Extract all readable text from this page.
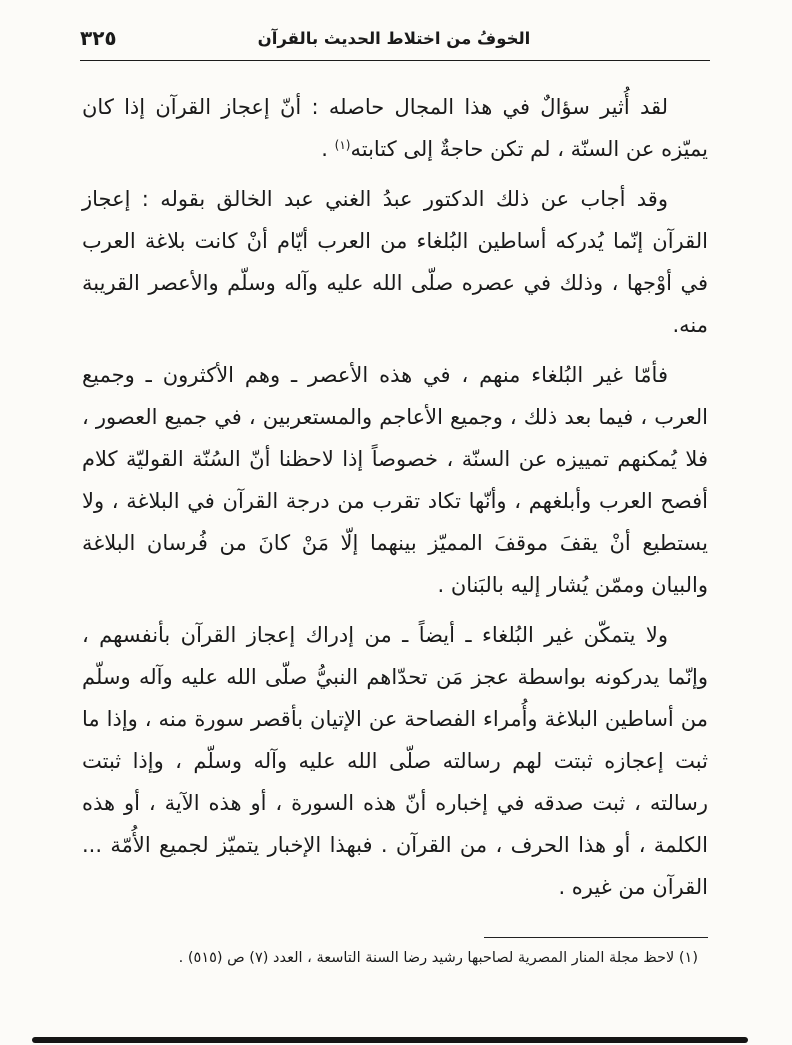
٣٢٥	الخوفُ من اختلاط الحديث بالقرآن

لقد أُثير سؤالٌ في هذا المجال حاصله : أنّ إعجاز القرآن إذا كان يميّزه عن السنّة ، لم تكن حاجةٌ إلى كتابته$^{(١)}$ .

وقد أجاب عن ذلك الدكتور عبدُ الغني عبد الخالق بقوله : إعجاز القرآن إنّما يُدركه أساطين البُلغاء من العرب أيّام أنْ كانت بلاغة العرب في أوْجها ، وذلك في عصره صلّى الله عليه وآله وسلّم والأعصر القريبة منه.

فأمّا غير البُلغاء منهم ، في هذه الأعصر ـ وهم الأكثرون ـ وجميع العرب ، فيما بعد ذلك ، وجميع الأعاجم والمستعربين ، في جميع العصور ، فلا يُمكنهم تمييزه عن السنّة ، خصوصاً إذا لاحظنا أنّ السُنّة القوليّة كلام أفصح العرب وأبلغهم ، وأنّها تكاد تقرب من درجة القرآن في البلاغة ، ولا يستطيع أنْ يقفَ موقفَ المميّز بينهما إلّا مَنْ كانَ من فُرسان البلاغة والبيان وممّن يُشار إليه بالبَنان .

ولا يتمكّن غير البُلغاء ـ أيضاً ـ من إدراك إعجاز القرآن بأنفسهم ، وإنّما يدركونه بواسطة عجز مَن تحدّاهم النبيُّ صلّى الله عليه وآله وسلّم من أساطين البلاغة وأُمراء الفصاحة عن الإتيان بأقصر سورة منه ، وإذا ما ثبت إعجازه ثبتت لهم رسالته صلّى الله عليه وآله وسلّم ، وإذا ثبتت رسالته ، ثبت صدقه في إخباره أنّ هذه السورة ، أو هذه الآية ، أو هذه الكلمة ، أو هذا الحرف ، من القرآن . فبهذا الإخبار يتميّز لجميع الأُمّة ... القرآن من غيره .

(١) لاحظ مجلة المنار المصرية لصاحبها رشيد رضا السنة التاسعة ، العدد (٧) ص (٥١٥) .
